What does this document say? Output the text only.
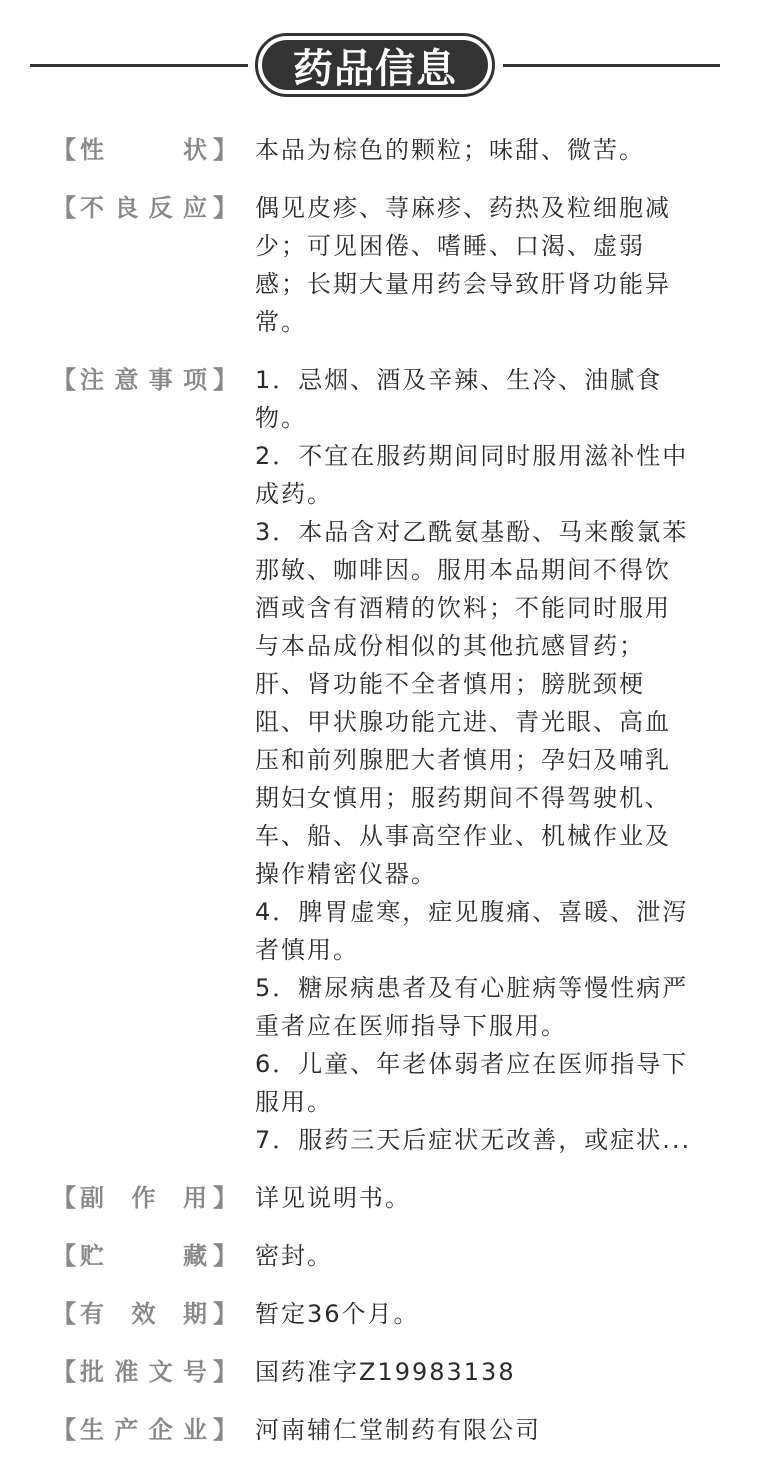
药品信息
【 性状 】 本品为棕色的颗粒；味甜、微苦。
【 不良反应 】 偶见皮疹、荨麻疹、药热及粒细胞减
少；可见困倦、嗜睡、口渴、虚弱
感；长期大量用药会导致肝肾功能异
常。
【 注意事项 】 1．忌烟、酒及辛辣、生冷、油腻食
物。
2．不宜在服药期间同时服用滋补性中
成药。
3．本品含对乙酰氨基酚、马来酸氯苯
那敏、咖啡因。服用本品期间不得饮
酒或含有酒精的饮料；不能同时服用
与本品成份相似的其他抗感冒药；
肝、肾功能不全者慎用；膀胱颈梗
阻、甲状腺功能亢进、青光眼、高血
压和前列腺肥大者慎用；孕妇及哺乳
期妇女慎用；服药期间不得驾驶机、
车、船、从事高空作业、机械作业及
操作精密仪器。
4．脾胃虚寒，症见腹痛、喜暖、泄泻
者慎用。
5．糖尿病患者及有心脏病等慢性病严
重者应在医师指导下服用。
6．儿童、年老体弱者应在医师指导下
服用。
7．服药三天后症状无改善，或症状...
【 副作用 】 详见说明书。
【 贮藏 】 密封。
【 有效期 】 暂定36个月。
【 批准文号 】 国药准字Z19983138
【 生产企业 】 河南辅仁堂制药有限公司
